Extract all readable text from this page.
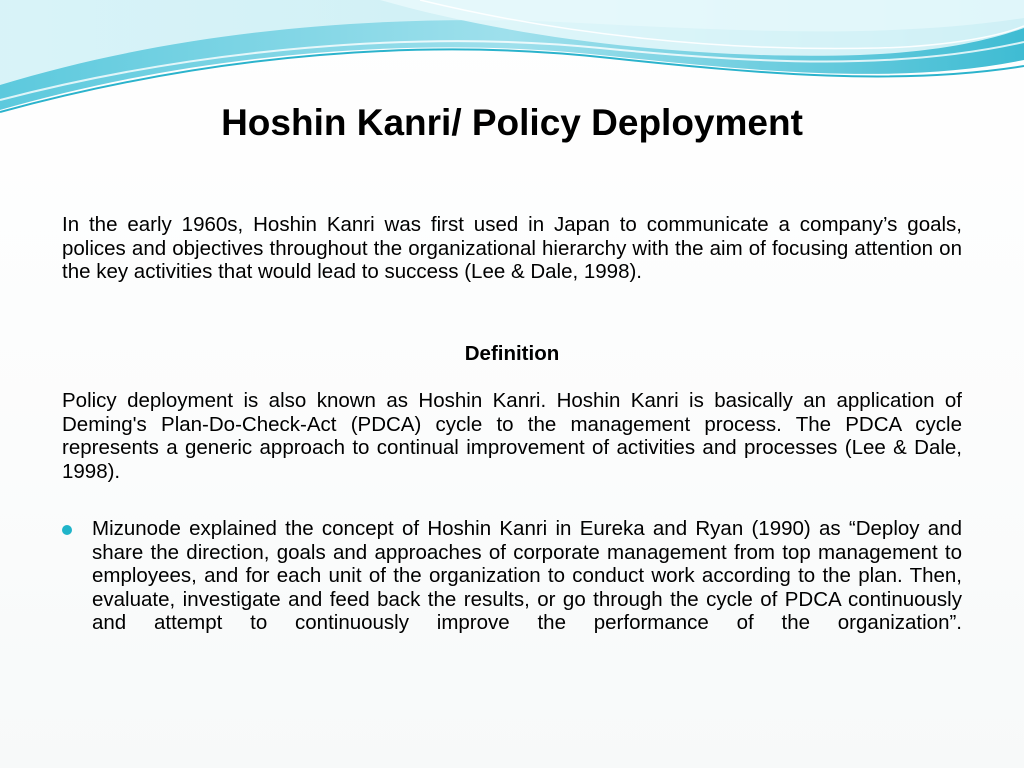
Hoshin Kanri/ Policy Deployment

In the early 1960s, Hoshin Kanri was first used in Japan to communicate a company’s goals, polices and objectives throughout the organizational hierarchy with the aim of focusing attention on the key activities that would lead to success (Lee & Dale, 1998).

Definition

Policy deployment is also known as Hoshin Kanri. Hoshin Kanri is basically an application of Deming's Plan-Do-Check-Act (PDCA) cycle to the management process. The PDCA cycle represents a generic approach to continual improvement of activities and processes (Lee & Dale, 1998).

Mizunode explained the concept of Hoshin Kanri in Eureka and Ryan (1990) as “Deploy and share the direction, goals and approaches of corporate management from top management to employees, and for each unit of the organization to conduct work according to the plan. Then, evaluate, investigate and feed back the results, or go through the cycle of PDCA continuously and attempt to continuously improve the performance of the organization”.
